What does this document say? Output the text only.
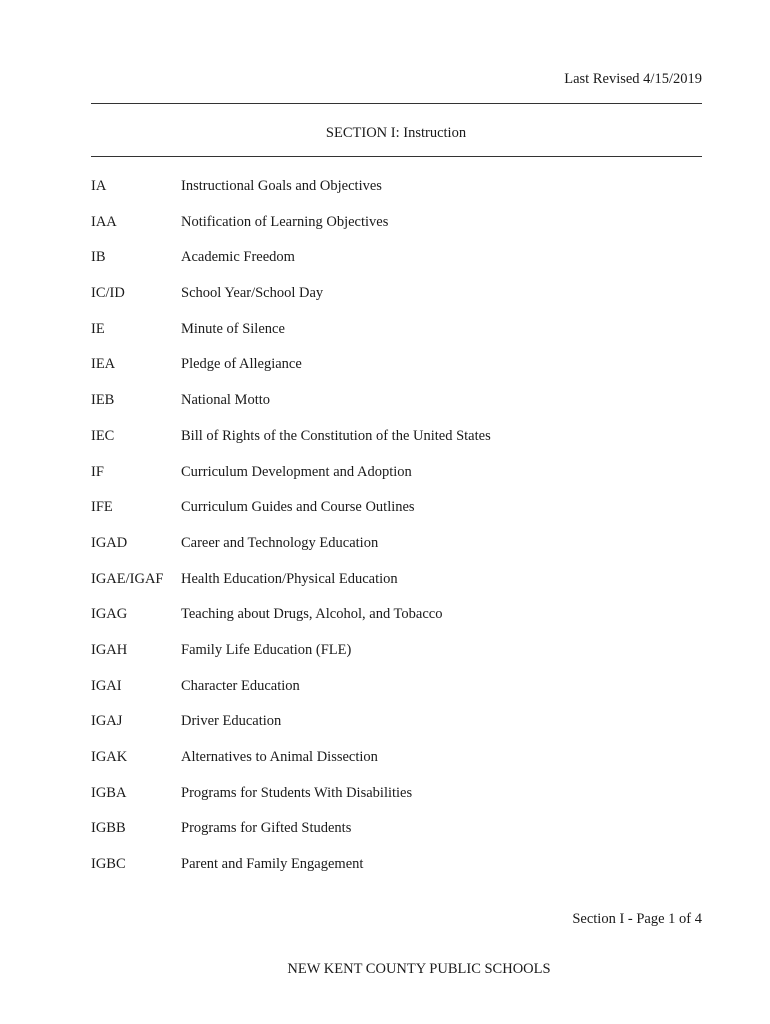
Last Revised 4/15/2019
SECTION I: Instruction
IA	Instructional Goals and Objectives
IAA	Notification of Learning Objectives
IB	Academic Freedom
IC/ID	School Year/School Day
IE	Minute of Silence
IEA	Pledge of Allegiance
IEB	National Motto
IEC	Bill of Rights of the Constitution of the United States
IF	Curriculum Development and Adoption
IFE	Curriculum Guides and Course Outlines
IGAD	Career and Technology Education
IGAE/IGAF	Health Education/Physical Education
IGAG	Teaching about Drugs, Alcohol, and Tobacco
IGAH	Family Life Education (FLE)
IGAI	Character Education
IGAJ	Driver Education
IGAK	Alternatives to Animal Dissection
IGBA	Programs for Students With Disabilities
IGBB	Programs for Gifted Students
IGBC	Parent and Family Engagement
Section I - Page 1 of 4
NEW KENT COUNTY PUBLIC SCHOOLS
